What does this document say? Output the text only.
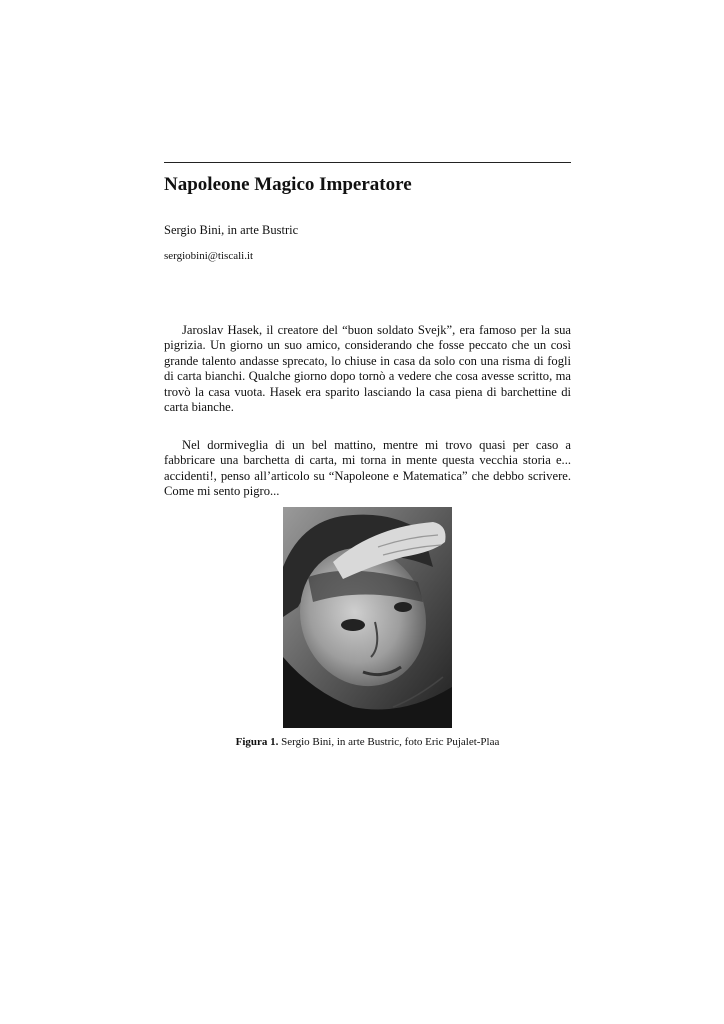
Napoleone Magico Imperatore
Sergio Bini, in arte Bustric
sergiobini@tiscali.it

Jaroslav Hasek, il creatore del “buon soldato Svejk”, era famoso per la sua pigrizia. Un giorno un suo amico, considerando che fosse peccato che un così grande talento andasse sprecato, lo chiuse in casa da solo con una risma di fogli di carta bianchi. Qualche giorno dopo tornò a vedere che cosa avesse scritto, ma trovò la casa vuota. Hasek era sparito lasciando la casa piena di barchettine di carta bianche.

Nel dormiveglia di un bel mattino, mentre mi trovo quasi per caso a fabbricare una barchetta di carta, mi torna in mente questa vecchia storia e... accidenti!, penso all’articolo su “Napoleone e Matematica” che debbo scrivere. Come mi sento pigro...

Figura 1. Sergio Bini, in arte Bustric, foto Eric Pujalet-Plaa
